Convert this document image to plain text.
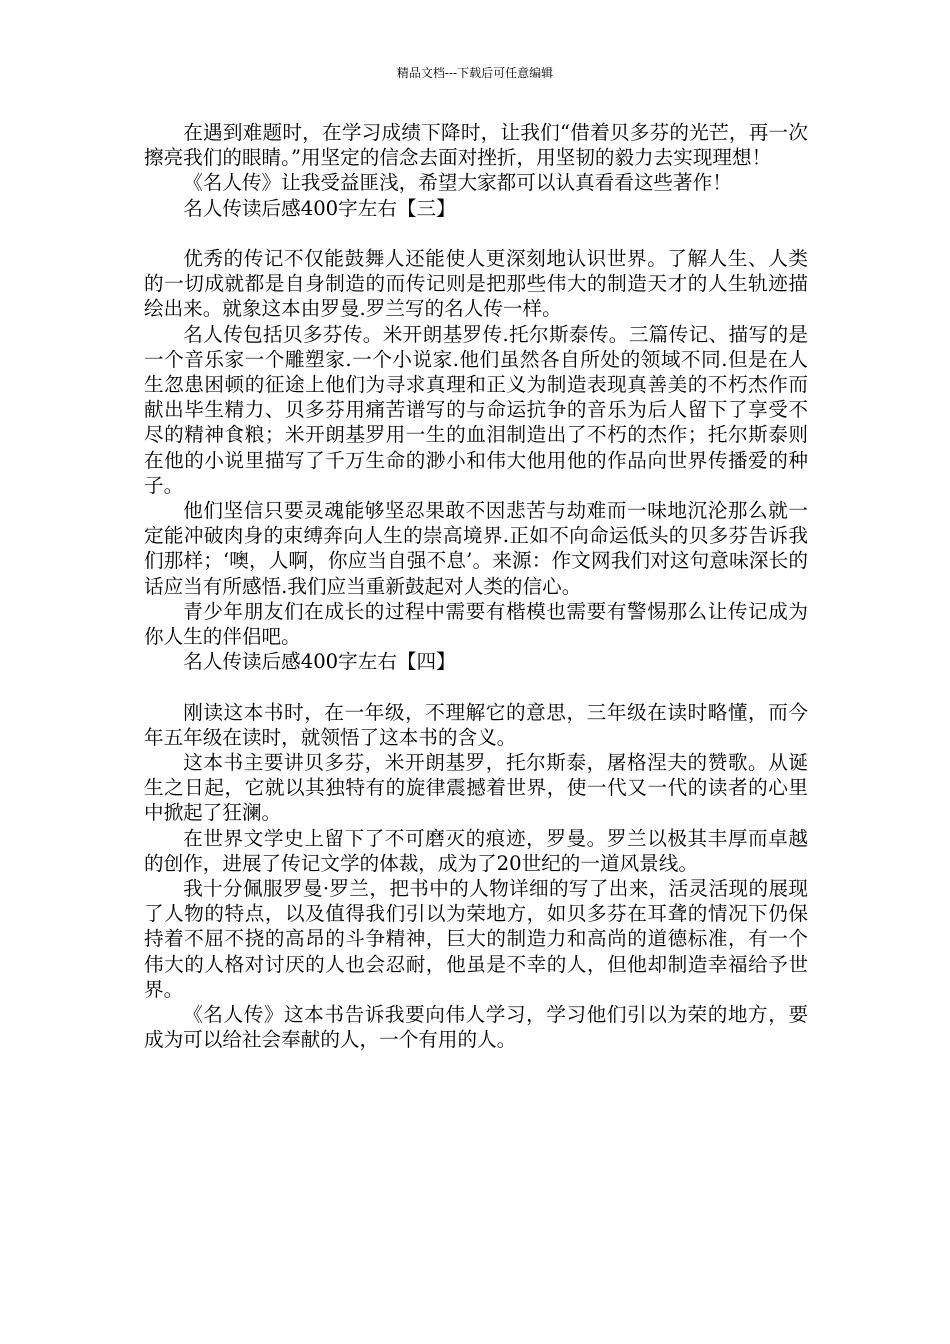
精品文档---下载后可任意编辑

在遇到难题时，在学习成绩下降时，让我们“借着贝多芬的光芒，再一次擦亮我们的眼睛。”用坚定的信念去面对挫折，用坚韧的毅力去实现理想！

《名人传》让我受益匪浅，希望大家都可以认真看看这些著作！

名人传读后感400字左右【三】

优秀的传记不仅能鼓舞人还能使人更深刻地认识世界。了解人生、人类的一切成就都是自身制造的而传记则是把那些伟大的制造天才的人生轨迹描绘出来。就象这本由罗曼.罗兰写的名人传一样。

名人传包括贝多芬传。米开朗基罗传.托尔斯泰传。三篇传记、描写的是一个音乐家一个雕塑家.一个小说家.他们虽然各自所处的领域不同.但是在人生忽患困顿的征途上他们为寻求真理和正义为制造表现真善美的不朽杰作而献出毕生精力、贝多芬用痛苦谱写的与命运抗争的音乐为后人留下了享受不尽的精神食粮；米开朗基罗用一生的血泪制造出了不朽的杰作；托尔斯泰则在他的小说里描写了千万生命的渺小和伟大他用他的作品向世界传播爱的种子。

他们坚信只要灵魂能够坚忍果敢不因悲苦与劫难而一味地沉沦那么就一定能冲破肉身的束缚奔向人生的崇高境界.正如不向命运低头的贝多芬告诉我们那样；‘噢，人啊，你应当自强不息’。来源：作文网我们对这句意味深长的话应当有所感悟.我们应当重新鼓起对人类的信心。

青少年朋友们在成长的过程中需要有楷模也需要有警惕那么让传记成为你人生的伴侣吧。

名人传读后感400字左右【四】

刚读这本书时，在一年级，不理解它的意思，三年级在读时略懂，而今年五年级在读时，就领悟了这本书的含义。

这本书主要讲贝多芬，米开朗基罗，托尔斯泰，屠格涅夫的赞歌。从诞生之日起，它就以其独特有的旋律震撼着世界，使一代又一代的读者的心里中掀起了狂澜。

在世界文学史上留下了不可磨灭的痕迹，罗曼。罗兰以极其丰厚而卓越的创作，进展了传记文学的体裁，成为了20世纪的一道风景线。

我十分佩服罗曼·罗兰，把书中的人物详细的写了出来，活灵活现的展现了人物的特点，以及值得我们引以为荣地方，如贝多芬在耳聋的情况下仍保持着不屈不挠的高昂的斗争精神，巨大的制造力和高尚的道德标准，有一个伟大的人格对讨厌的人也会忍耐，他虽是不幸的人，但他却制造幸福给予世界。

《名人传》这本书告诉我要向伟人学习，学习他们引以为荣的地方，要成为可以给社会奉献的人，一个有用的人。
